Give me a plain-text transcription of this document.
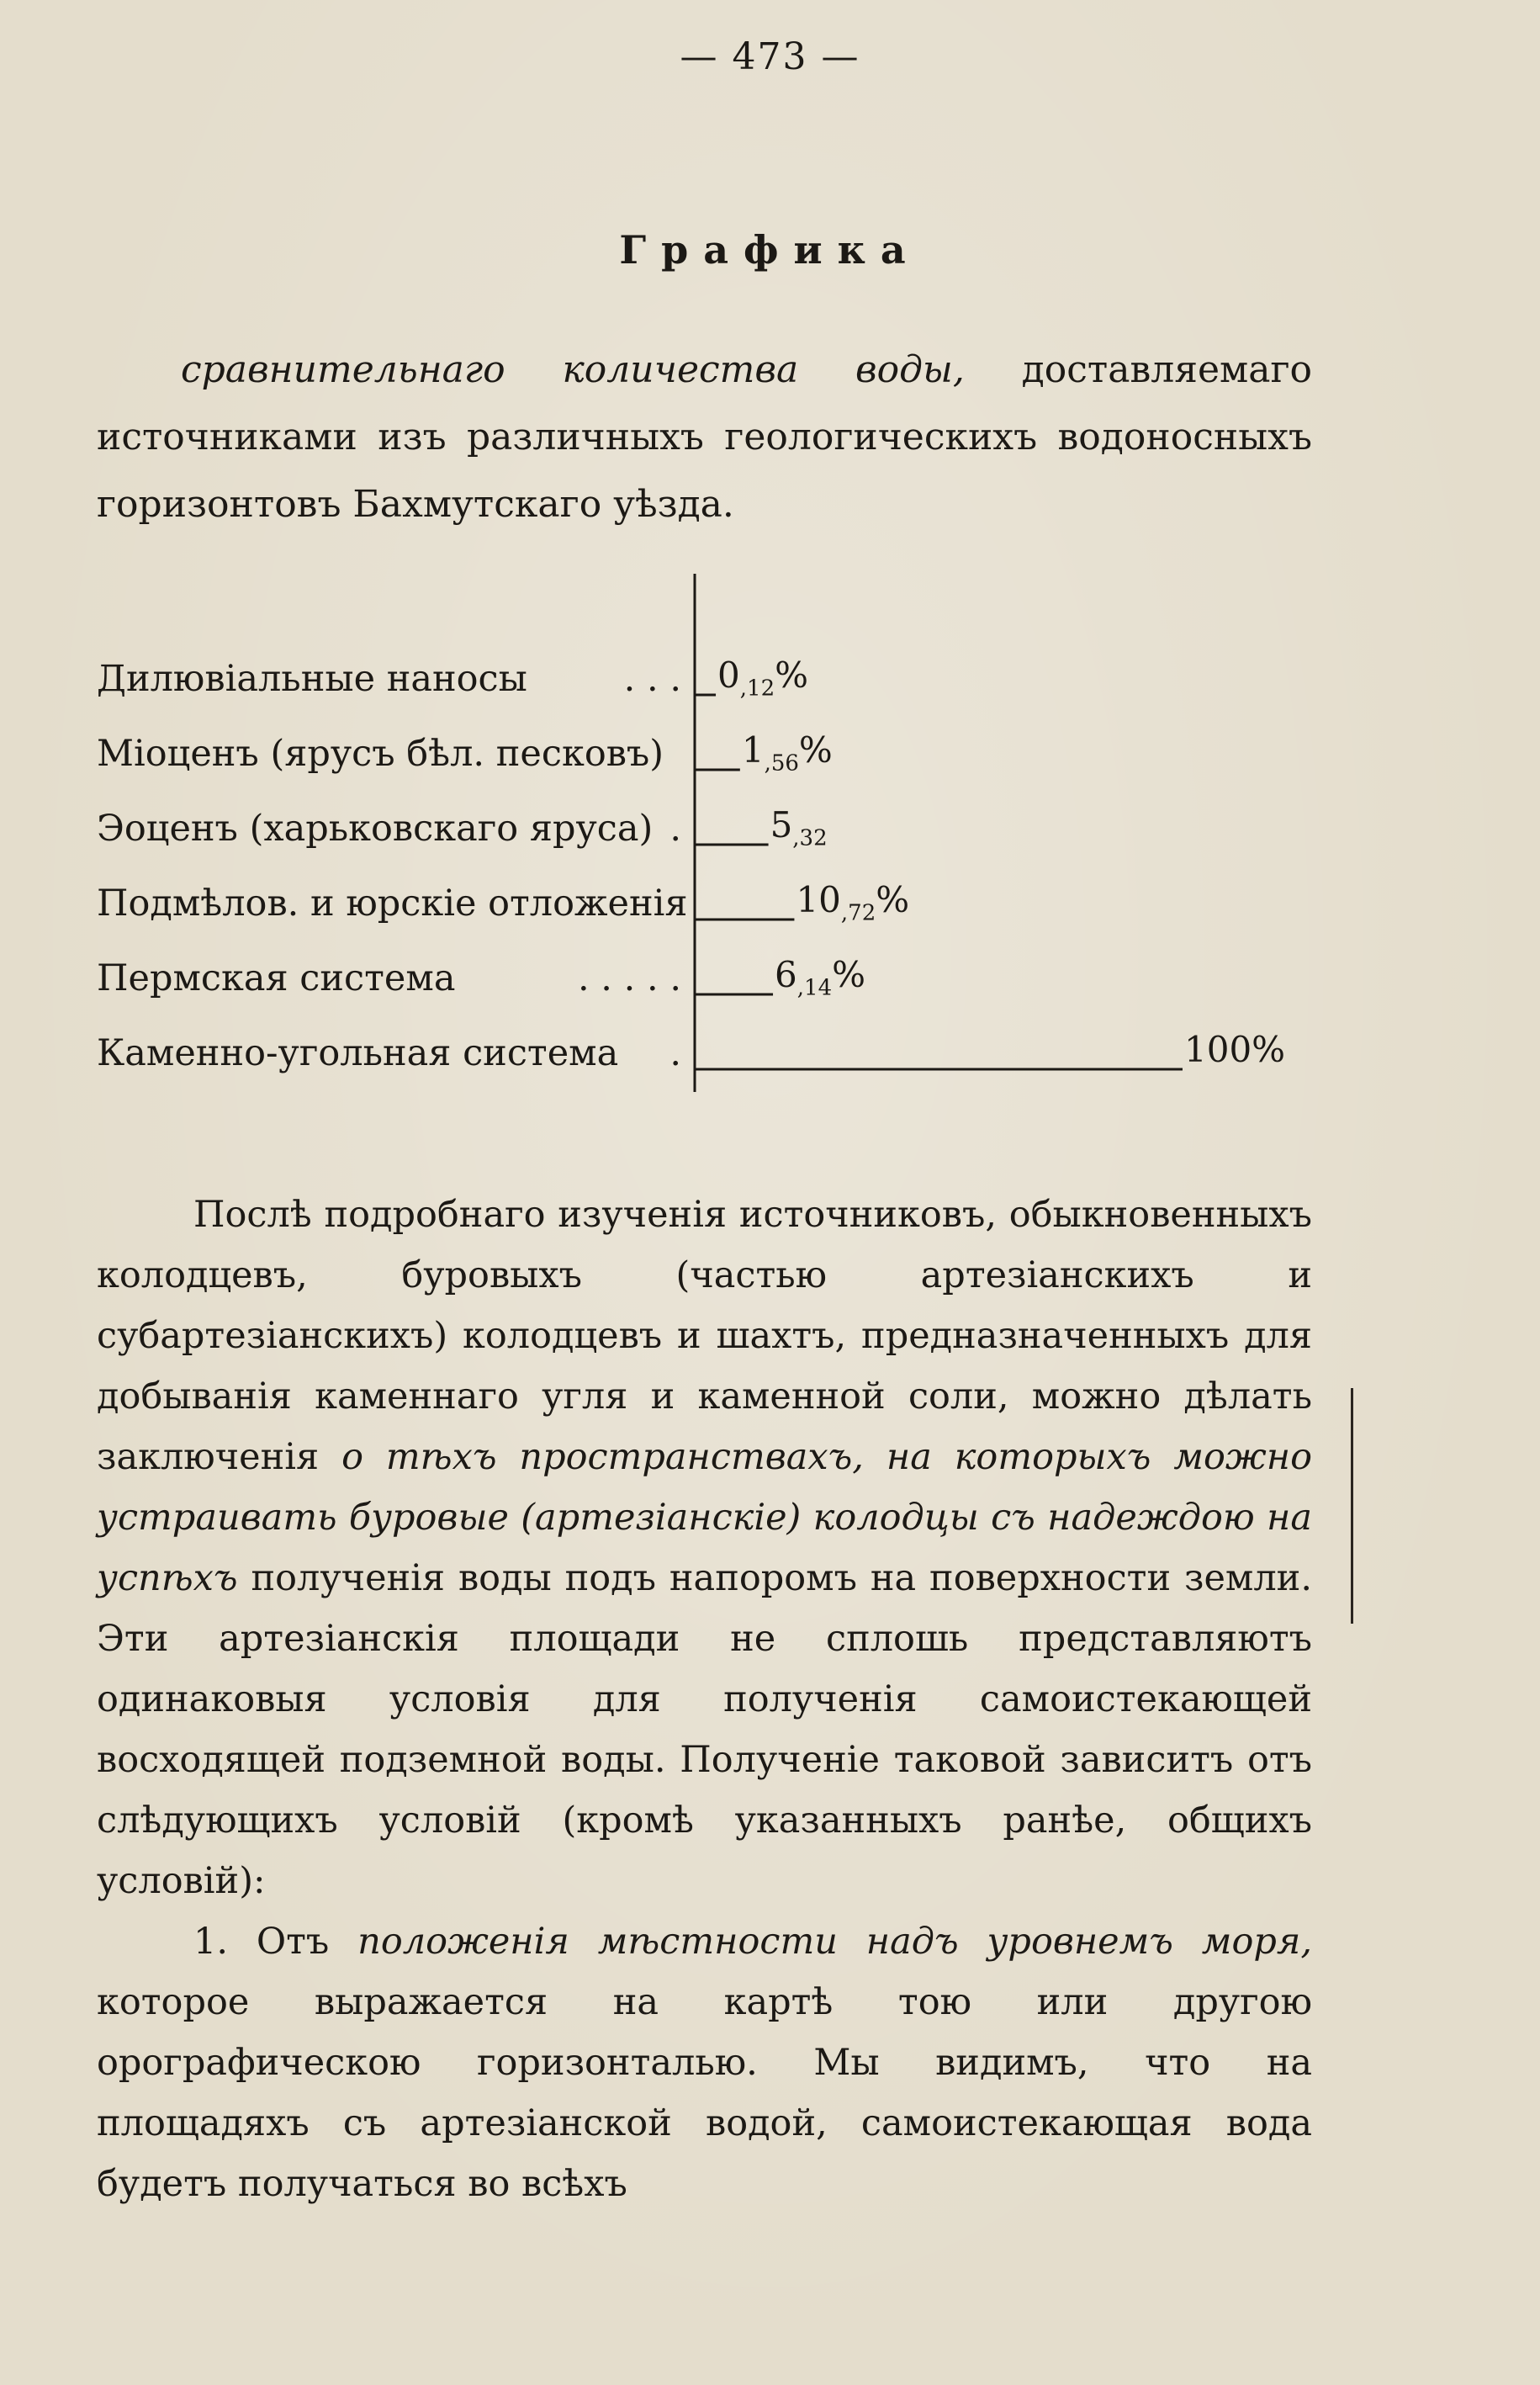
— 473 —
Графика
сравнительнаго количества воды, доставляемаго источниками изъ различныхъ геологическихъ водоносныхъ горизонтовъ Бахмутскаго уѣзда.
Дилювіальные наносы	. . . $0_{,12}\%$
Міоценъ (ярусъ бѣл. песковъ)	$1_{,56}\%$
Эоценъ (харьковскаго яруса) .	$5_{,32}$
Подмѣлов. и юрскіе отложенія	$10_{,72}\%$
Пермская система	. . . . .	$6_{,14}\%$
Каменно-угольная система	.	100%

Послѣ подробнаго изученія источниковъ, обыкновенныхъ колодцевъ, буровыхъ (частью артезіанскихъ и субартезіанскихъ) колодцевъ и шахтъ, предназначенныхъ для добыванія каменнаго угля и каменной соли, можно дѣлать заключенія о тѣхъ пространствахъ, на которыхъ можно устраивать буровые (артезіанскіе) колодцы съ надеждою на успѣхъ полученія воды подъ напоромъ на поверхности земли. Эти артезіанскія площади не сплошь представляютъ одинаковыя условія для полученія самоистекающей восходящей подземной воды. Полученіе таковой зависитъ отъ слѣдующихъ условій (кромѣ указанныхъ ранѣе, общихъ условій):

1. Отъ положенія мѣстности надъ уровнемъ моря, которое выражается на картѣ тою или другою орографическою горизонталью. Мы видимъ, что на площадяхъ съ артезіанской водой, самоистекающая вода будетъ получаться во всѣхъ
